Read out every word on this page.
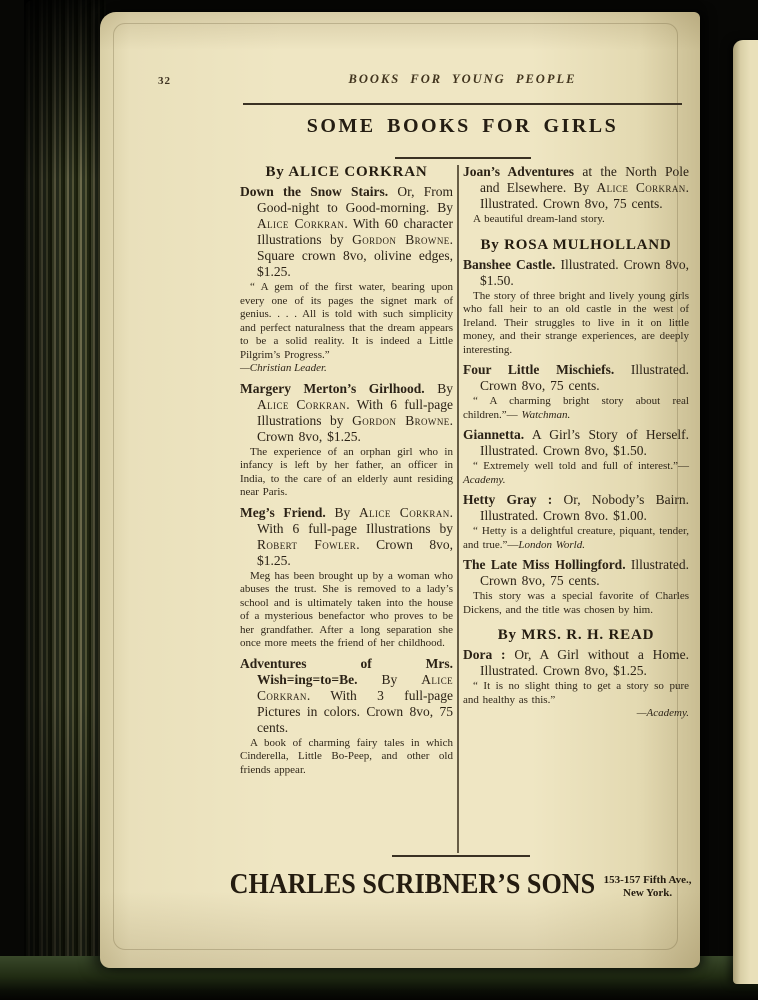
32	BOOKS FOR YOUNG PEOPLE
SOME BOOKS FOR GIRLS
By ALICE CORKRAN

Down the Snow Stairs. Or, From Good-night to Good-morning. By Alice Corkran. With 60 character Illustrations by Gordon Browne. Square crown 8vo, olivine edges, $1.25.

“ A gem of the first water, bearing upon every one of its pages the signet mark of genius. . . . All is told with such simplicity and perfect naturalness that the dream appears to be a solid reality. It is indeed a Little Pilgrim’s Progress.”

—Christian Leader.

Margery Merton’s Girlhood. By Alice Corkran. With 6 full-page Illustrations by Gordon Browne. Crown 8vo, $1.25.

The experience of an orphan girl who in infancy is left by her father, an officer in India, to the care of an elderly aunt residing near Paris.

Meg’s Friend. By Alice Corkran. With 6 full-page Illustrations by Robert Fowler. Crown 8vo, $1.25.

Meg has been brought up by a woman who abuses the trust. She is removed to a lady’s school and is ultimately taken into the house of a mysterious benefactor who proves to be her grandfather. After a long separation she once more meets the friend of her childhood.

Adventures of Mrs. Wish=ing=to=Be. By Alice Corkran. With 3 full-page Pictures in colors. Crown 8vo, 75 cents.

A book of charming fairy tales in which Cinderella, Little Bo-Peep, and other old friends appear.

Joan’s Adventures at the North Pole and Elsewhere. By Alice Corkran. Illustrated. Crown 8vo, 75 cents.

A beautiful dream-land story.

By ROSA MULHOLLAND

Banshee Castle. Illustrated. Crown 8vo, $1.50.

The story of three bright and lively young girls who fall heir to an old castle in the west of Ireland. Their struggles to live in it on little money, and their strange experiences, are deeply interesting.

Four Little Mischiefs. Illustrated. Crown 8vo, 75 cents.

“ A charming bright story about real children.”— Watchman.

Giannetta. A Girl’s Story of Herself. Illustrated. Crown 8vo, $1.50.

“ Extremely well told and full of interest.”—Academy.

Hetty Gray : Or, Nobody’s Bairn. Illustrated. Crown 8vo. $1.00.

“ Hetty is a delightful creature, piquant, tender, and true.”—London World.

The Late Miss Hollingford. Illustrated. Crown 8vo, 75 cents.

This story was a special favorite of Charles Dickens, and the title was chosen by him.

By MRS. R. H. READ

Dora : Or, A Girl without a Home. Illustrated. Crown 8vo, $1.25.

“ It is no slight thing to get a story so pure and healthy as this.”

—Academy.

CHARLES SCRIBNER’S SONS 153-157 Fifth Ave.,
New York.
